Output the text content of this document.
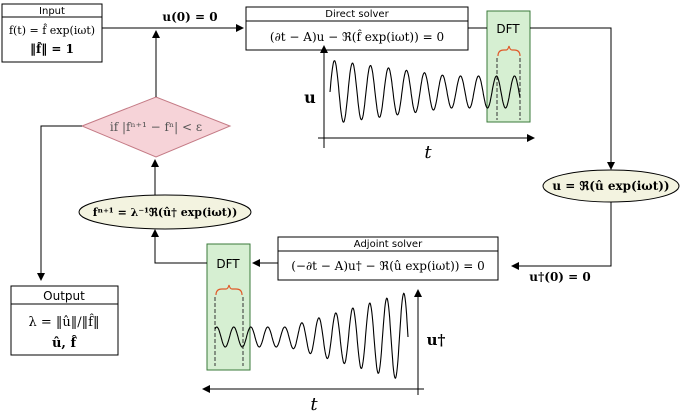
Input
f(t) = f̂ exp(iωt)
‖f̂‖ = 1
u(0) = 0	Direct solver
(∂t − A)u − ℜ(f̂ exp(iωt)) = 0
DFT
u
t
u = ℜ(û exp(iωt))
u†(0) = 0
Adjoint solver
(−∂t − A)u† − ℜ(û exp(iωt)) = 0
DFT
u†
t
fⁿ⁺¹ = λ⁻¹ℜ(û† exp(iωt))
if |fⁿ⁺¹ − fⁿ| < ε
Output
λ = ‖û‖/‖f̂‖
û, f̂
